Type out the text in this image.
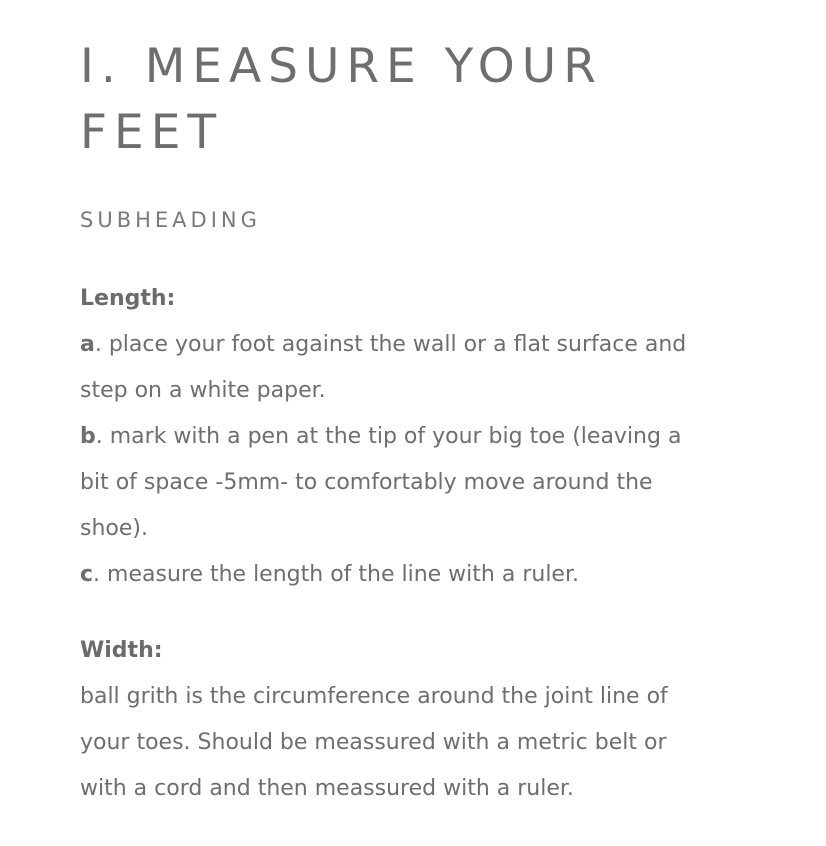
I. MEASURE YOUR
FEET
SUBHEADING
Length:
a. place your foot against the wall or a flat surface and
step on a white paper.
b. mark with a pen at the tip of your big toe (leaving a
bit of space -5mm- to comfortably move around the
shoe).
c. measure the length of the line with a ruler.
Width:
ball grith is the circumference around the joint line of
your toes. Should be meassured with a metric belt or
with a cord and then meassured with a ruler.
